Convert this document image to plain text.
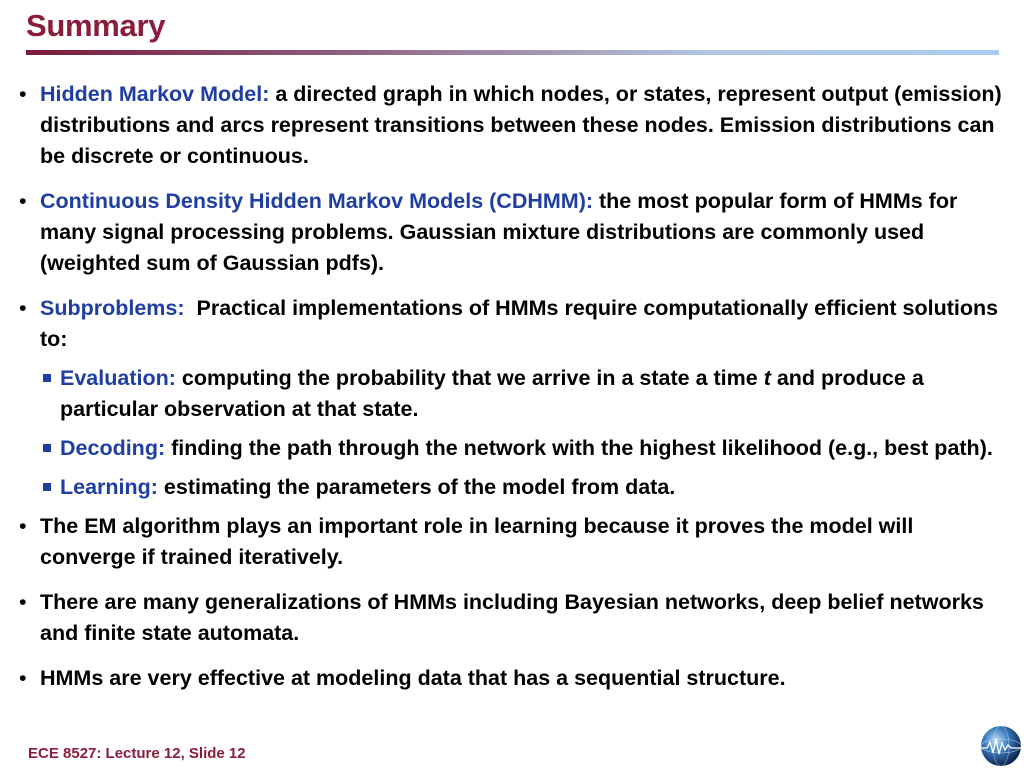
Summary
• Hidden Markov Model: a directed graph in which nodes, or states, represent output (emission) distributions and arcs represent transitions between these nodes. Emission distributions can be discrete or continuous.
• Continuous Density Hidden Markov Models (CDHMM): the most popular form of HMMs for many signal processing problems. Gaussian mixture distributions are commonly used (weighted sum of Gaussian pdfs).
• Subproblems:  Practical implementations of HMMs require computationally efficient solutions to:
Evaluation: computing the probability that we arrive in a state a time t and produce a particular observation at that state.
Decoding: finding the path through the network with the highest likelihood (e.g., best path).
Learning: estimating the parameters of the model from data.
• The EM algorithm plays an important role in learning because it proves the model will converge if trained iteratively.
• There are many generalizations of HMMs including Bayesian networks, deep belief networks and finite state automata.
• HMMs are very effective at modeling data that has a sequential structure.
ECE 8527: Lecture 12, Slide 12
